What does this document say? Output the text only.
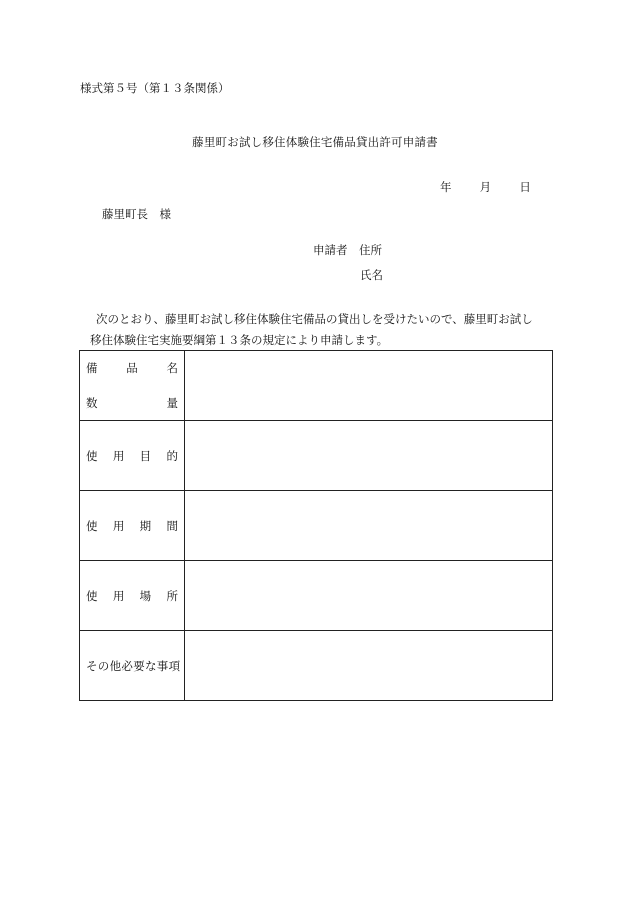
様式第５号（第１３条関係）
藤里町お試し移住体験住宅備品貸出許可申請書
年 月 日
藤里町長　様
申請者　住所
氏名

次のとおり、藤里町お試し移住体験住宅備品の貸出しを受けたいので、藤里町お試し

移住体験住宅実施要綱第１３条の規定により申請します。

備 品 名
数 量	

使 用 目 的	

使 用 期 間	

使 用 場 所	

その他必要な事項	
